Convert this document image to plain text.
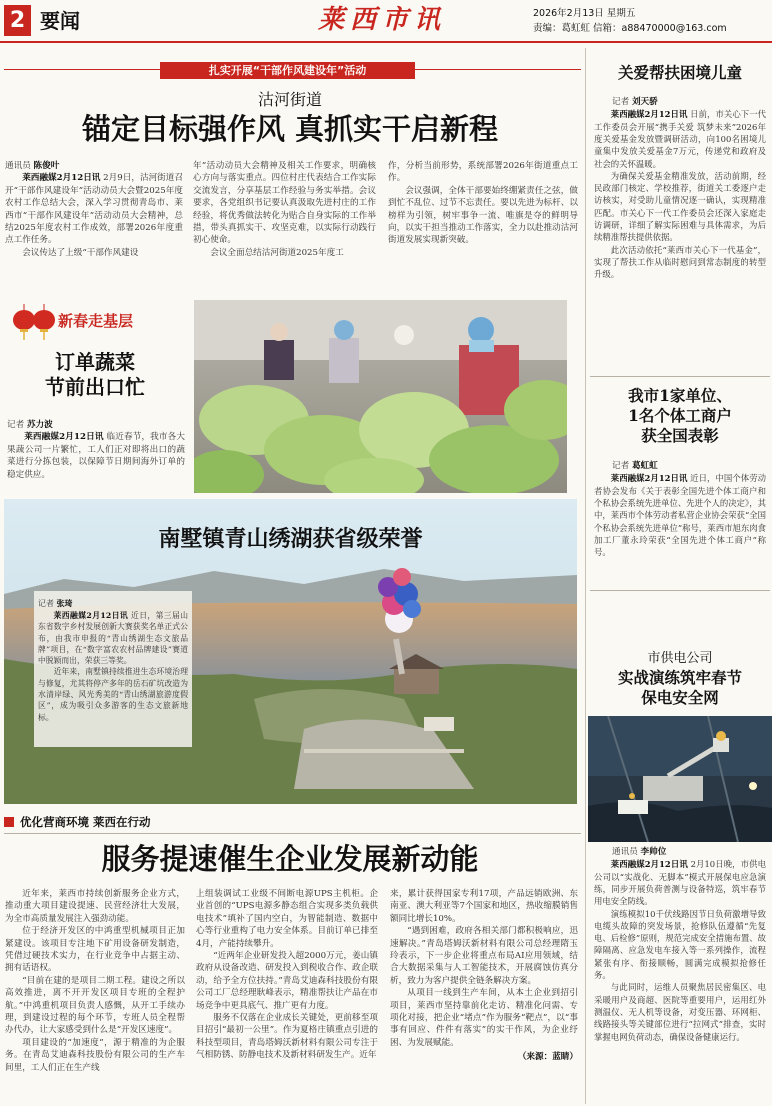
2 要闻	莱西市讯	2026年2月13日 星期五
责编：葛虹虹 信箱：a88470000@163.com
扎实开展“干部作风建设年”活动
沽河街道
锚定目标强作风 真抓实干启新程
通讯员 陈俊叶

莱西融媒2月12日讯 2月9日，沽河街道召开“干部作风建设年”活动动员大会暨2025年度农村工作总结大会，深入学习贯彻青岛市、莱西市“干部作风建设年”活动动员大会精神，总结2025年度农村工作成效，部署2026年度重点工作任务。

会议传达了上级“干部作风建设

年”活动动员大会精神及相关工作要求，明确核心方向与落实重点。四位村庄代表结合工作实际交流发言，分享基层工作经验与务实举措。会议要求，各党组织书记要认真汲取先进村庄的工作经验，将优秀做法转化为贴合自身实际的工作举措，带头真抓实干、攻坚克难，以实际行动践行初心使命。

会议全面总结沽河街道2025年度工

作，分析当前形势，系统部署2026年街道重点工作。

会议强调，全体干部要始终绷紧责任之弦，做到忙不乱位、过节不忘责任。要以先进为标杆、以榜样为引领，树牢事争一流、唯旗是夺的鲜明导向，以实干担当推动工作落实，全力以赴推动沽河街道发展实现新突破。

新春走基层
订单蔬菜
节前出口忙
记者 苏力波

莱西融媒2月12日讯 临近春节，我市各大果蔬公司一片繁忙，工人们正对即将出口的蔬菜进行分拣包装，以保障节日期间海外订单的稳定供应。

南墅镇青山绣湖获省级荣誉
记者 张琦

莱西融媒2月12日讯 近日，第三届山东省数字乡村发展创新大赛获奖名单正式公布，由我市申报的“青山绣湖生态文旅品牌”项目，在“数字富农农村品牌建设”赛道中脱颖而出，荣获三等奖。

近年来，南墅镇持续推进生态环境治理与修复，尤其将停产多年的岳石矿坑改造为水清岸绿、风光秀美的“青山绣湖旅游度假区”，成为吸引众多游客的生态文旅新地标。

优化营商环境 莱西在行动
服务提速催生企业发展新动能

近年来，莱西市持续创新服务企业方式，推动重大项目建设提速、民营经济壮大发展，为全市高质量发展注入强劲动能。

位于经济开发区的中鸿重型机械项目正加紧建设。该项目专注地下矿用设备研发制造，凭借过硬技术实力，在行业竞争中占据主动、拥有话语权。

“目前在建的是项目二期工程。建设之所以高效推进，离不开开发区项目专班的全程护航。”中鸿重机项目负责人感慨，从开工手续办理，到建设过程的每个环节，专班人员全程帮办代办，让大家感受到什么是“开发区速度”。

项目建设的“加速度”，源于精准的为企服务。在青岛艾迪森科技股份有限公司的生产车间里，工人们正在生产线

上组装调试工业级不间断电源UPS主机柜。企业首创的“UPS电源多静态组合实现多类负载供电技术”填补了国内空白，为智能制造、数据中心等行业重构了电力安全体系。目前订单已排至4月，产能持续攀升。

“近两年企业研发投入超2000万元，姜山镇政府从设备改造、研发投入到税收合作、政企联动，给予全方位扶持。”青岛艾迪森科技股份有限公司工厂总经理耿峰表示，精准帮扶让产品在市场竞争中更具底气、推广更有力度。

服务不仅落在企业成长关键处，更前移至项目招引“最初一公里”。作为夏格庄镇重点引进的科技型项目，青岛塔姆沃新材料有限公司专注于气相防锈、防静电技术及新材料研发生产。近年

来，累计获得国家专利17项，产品远销欧洲、东南亚、澳大利亚等7个国家和地区，热收缩膜销售额同比增长10%。

“遇到困难，政府各相关部门都积极响应，迅速解决。”青岛塔姆沃新材料有限公司总经理隋玉玲表示，下一步企业将重点布局AI应用领域，结合大数据采集与人工智能技术，开展腐蚀仿真分析，致力为客户提供全链条解决方案。

从项目一线到生产车间，从本土企业到招引项目，莱西市坚持靠前化走访、精准化问需、专项化对接，把企业“堵点”作为服务“靶点”，以“事事有回应、件件有落实”的实干作风，为企业纾困、为发展赋能。

（来源：蓝睛）
关爱帮扶困境儿童
记者 刘天骄

莱西融媒2月12日讯 日前，市关心下一代工作委员会开展“携手关爱 筑梦未来”2026年度关爱基金发放暨调研活动，向100名困境儿童集中发放关爱基金7万元，传递党和政府及社会的关怀温暖。

为确保关爱基金精准发放，活动前期，经民政部门核定、学校推荐，街道关工委逐户走访核实，对受助儿童情况逐一确认，实现精准匹配。市关心下一代工作委员会还深入家庭走访调研，详细了解实际困难与具体需求，为后续精准帮扶提供依据。

此次活动依托“莱西市关心下一代基金”，实现了帮扶工作从临时慰问到常态制度的转型升级。

我市1家单位、
1名个体工商户
获全国表彰
记者 葛虹虹

莱西融媒2月12日讯 近日，中国个体劳动者协会发布《关于表彰全国先进个体工商户和个私协会系统先进单位、先进个人的决定》，其中，莱西市个体劳动者私营企业协会荣获“全国个私协会系统先进单位”称号，莱西市旭东肉食加工厂董永玲荣获“全国先进个体工商户”称号。

市供电公司
实战演练筑牢春节
保电安全网
通讯员 李帅位

莱西融媒2月12日讯 2月10日晚，市供电公司以“实战化、无脚本”模式开展保电应急演练，同步开展负荷普测与设备特巡，筑牢春节用电安全防线。

演练模拟10千伏线路因节日负荷激增导致电缆头故障的突发场景，抢修队伍遵循“先复电、后检修”原则，规范完成安全措施布置、故障隔离、应急发电车接入等一系列操作，流程紧张有序、衔接顺畅，圆满完成模拟抢修任务。

与此同时，运维人员聚焦居民密集区、电采暖用户及商超、医院等重要用户，运用红外测温仪、无人机等设备，对变压器、环网柜、线路接头等关键部位进行“拉网式”排查，实时掌握电网负荷动态，确保设备健康运行。
